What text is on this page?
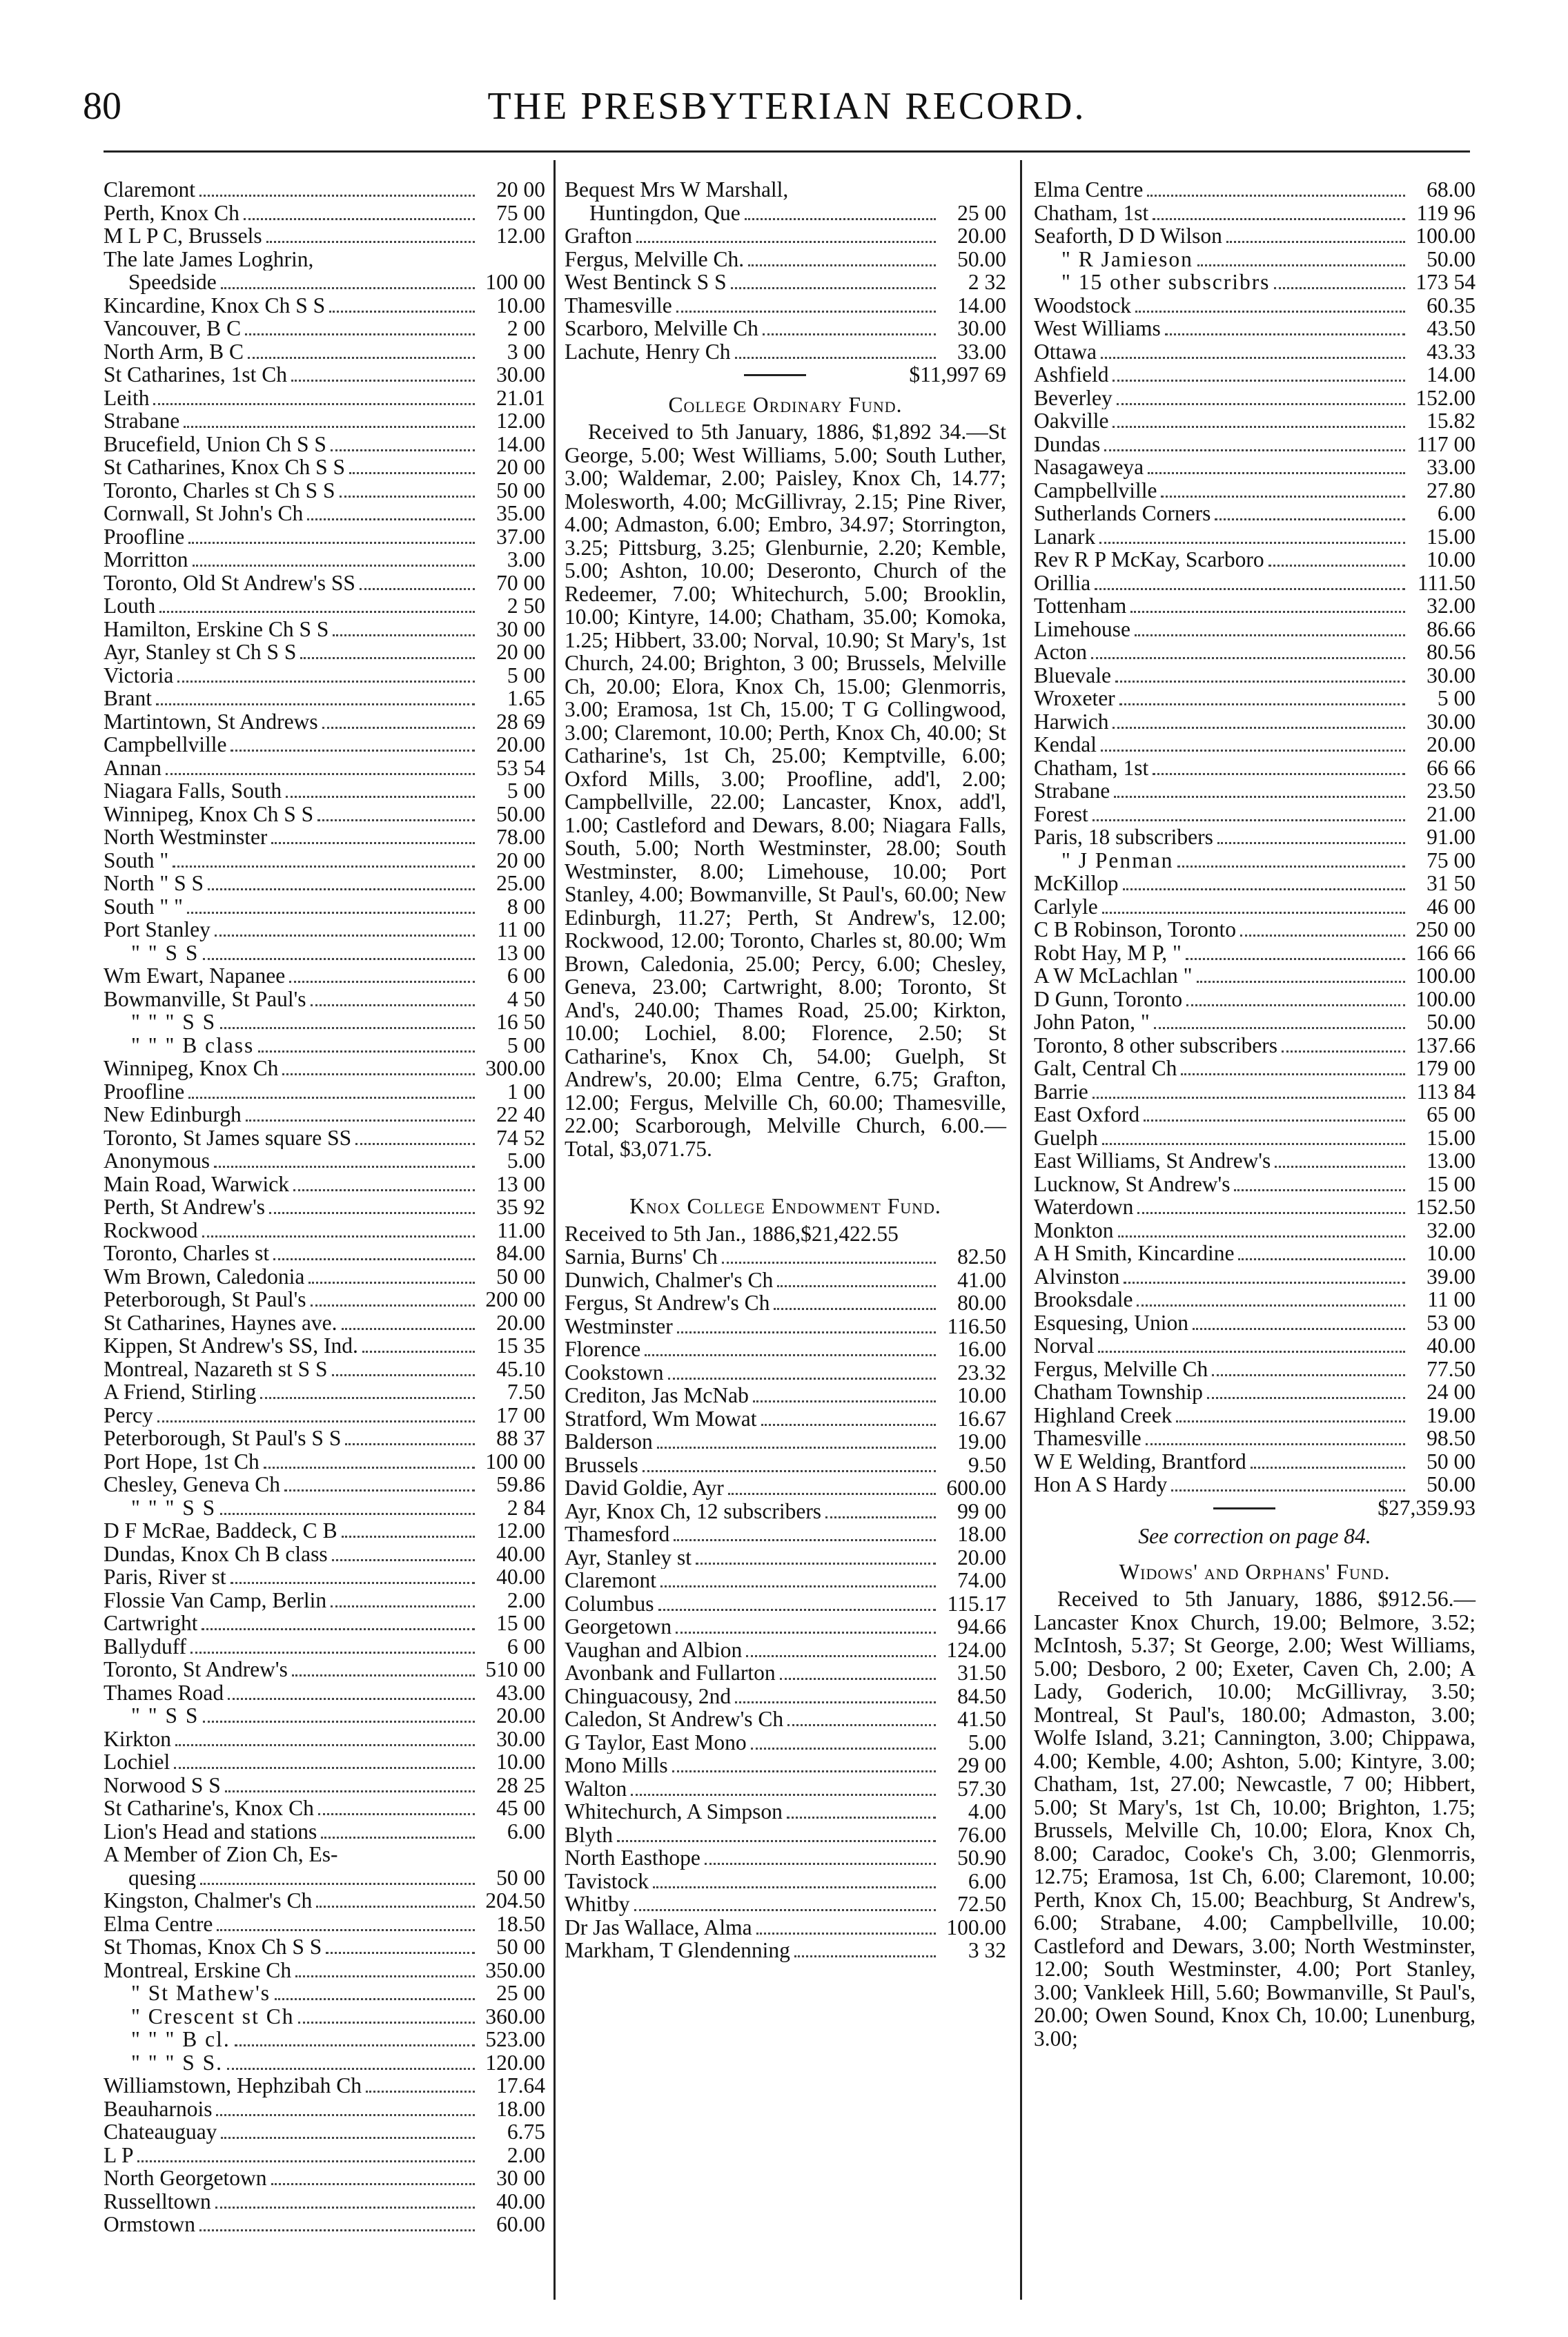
80	THE PRESBYTERIAN RECORD.
Claremont	20 00
Perth, Knox Ch	75 00
M L P C, Brussels	12.00
The late James Loghrin,
Speedside	100 00
Kincardine, Knox Ch S S	10.00
Vancouver, B C	2 00
North Arm, B C	3 00
St Catharines, 1st Ch	30.00
Leith	21.01
Strabane	12.00
Brucefield, Union Ch S S	14.00
St Catharines, Knox Ch S S	20 00
Toronto, Charles st Ch S S	50 00
Cornwall, St John's Ch	35.00
Proofline	37.00
Morritton	3.00
Toronto, Old St Andrew's SS	70 00
Louth	2 50
Hamilton, Erskine Ch S S	30 00
Ayr, Stanley st Ch S S	20 00
Victoria	5 00
Brant	1.65
Martintown, St Andrews	28 69
Campbellville	20.00
Annan	53 54
Niagara Falls, South	5 00
Winnipeg, Knox Ch S S	50.00
North Westminster	78.00
South "	20 00
North " S S	25.00
South " "	8 00
Port Stanley	11 00
" " S S	13 00
Wm Ewart, Napanee	6 00
Bowmanville, St Paul's	4 50
" " " S S	16 50
" " " B class	5 00
Winnipeg, Knox Ch	300.00
Proofline	1 00
New Edinburgh	22 40
Toronto, St James square SS	74 52
Anonymous	5.00
Main Road, Warwick	13 00
Perth, St Andrew's	35 92
Rockwood	11.00
Toronto, Charles st	84.00
Wm Brown, Caledonia	50 00
Peterborough, St Paul's	200 00
St Catharines, Haynes ave.	20.00
Kippen, St Andrew's SS, Ind.	15 35
Montreal, Nazareth st S S	45.10
A Friend, Stirling	7.50
Percy	17 00
Peterborough, St Paul's S S	88 37
Port Hope, 1st Ch	100 00
Chesley, Geneva Ch	59.86
" " " S S	2 84
D F McRae, Baddeck, C B	12.00
Dundas, Knox Ch B class	40.00
Paris, River st	40.00
Flossie Van Camp, Berlin	2.00
Cartwright	15 00
Ballyduff	6 00
Toronto, St Andrew's	510 00
Thames Road	43.00
" " S S	20.00
Kirkton	30.00
Lochiel	10.00
Norwood S S	28 25
St Catharine's, Knox Ch	45 00
Lion's Head and stations	6.00
A Member of Zion Ch, Es-
quesing	50 00
Kingston, Chalmer's Ch	204.50
Elma Centre	18.50
St Thomas, Knox Ch S S	50 00
Montreal, Erskine Ch	350.00
" St Mathew's	25 00
" Crescent st Ch	360.00
" " " B cl.	523.00
" " " S S.	120.00
Williamstown, Hephzibah Ch	17.64
Beauharnois	18.00
Chateauguay	6.75
L P	2.00
North Georgetown	30 00
Russelltown	40.00
Ormstown	60.00
Bequest Mrs W Marshall,
Huntingdon, Que	25 00
Grafton	20.00
Fergus, Melville Ch.	50.00
West Bentinck S S	2 32
Thamesville	14.00
Scarboro, Melville Ch	30.00
Lachute, Henry Ch	33.00
$11,997 69
College Ordinary Fund.
Received to 5th January, 1886, $1,892 34.—St George, 5.00; West Williams, 5.00; South Luther, 3.00; Waldemar, 2.00; Paisley, Knox Ch, 14.77; Molesworth, 4.00; McGillivray, 2.15; Pine River, 4.00; Admaston, 6.00; Embro, 34.97; Storrington, 3.25; Pittsburg, 3.25; Glenburnie, 2.20; Kemble, 5.00; Ashton, 10.00; Deseronto, Church of the Redeemer, 7.00; Whitechurch, 5.00; Brooklin, 10.00; Kintyre, 14.00; Chatham, 35.00; Komoka, 1.25; Hibbert, 33.00; Norval, 10.90; St Mary's, 1st Church, 24.00; Brighton, 3 00; Brussels, Melville Ch, 20.00; Elora, Knox Ch, 15.00; Glenmorris, 3.00; Eramosa, 1st Ch, 15.00; T G Collingwood, 3.00; Claremont, 10.00; Perth, Knox Ch, 40.00; St Catharine's, 1st Ch, 25.00; Kemptville, 6.00; Oxford Mills, 3.00; Proofline, add'l, 2.00; Campbellville, 22.00; Lancaster, Knox, add'l, 1.00; Castleford and Dewars, 8.00; Niagara Falls, South, 5.00; North Westminster, 28.00; South Westminster, 8.00; Limehouse, 10.00; Port Stanley, 4.00; Bowmanville, St Paul's, 60.00; New Edinburgh, 11.27; Perth, St Andrew's, 12.00; Rockwood, 12.00; Toronto, Charles st, 80.00; Wm Brown, Caledonia, 25.00; Percy, 6.00; Chesley, Geneva, 23.00; Cartwright, 8.00; Toronto, St And's, 240.00; Thames Road, 25.00; Kirkton, 10.00; Lochiel, 8.00; Florence, 2.50; St Catharine's, Knox Ch, 54.00; Guelph, St Andrew's, 20.00; Elma Centre, 6.75; Grafton, 12.00; Fergus, Melville Ch, 60.00; Thamesville, 22.00; Scarborough, Melville Church, 6.00.—Total, $3,071.75.
Knox College Endowment Fund.
Received to 5th Jan., 1886, $21,422.55
Sarnia, Burns' Ch	82.50
Dunwich, Chalmer's Ch	41.00
Fergus, St Andrew's Ch	80.00
Westminster	116.50
Florence	16.00
Cookstown	23.32
Crediton, Jas McNab	10.00
Stratford, Wm Mowat	16.67
Balderson	19.00
Brussels	9.50
David Goldie, Ayr	600.00
Ayr, Knox Ch, 12 subscribers	99 00
Thamesford	18.00
Ayr, Stanley st	20.00
Claremont	74.00
Columbus	115.17
Georgetown	94.66
Vaughan and Albion	124.00
Avonbank and Fullarton	31.50
Chinguacousy, 2nd	84.50
Caledon, St Andrew's Ch	41.50
G Taylor, East Mono	5.00
Mono Mills	29 00
Walton	57.30
Whitechurch, A Simpson	4.00
Blyth	76.00
North Easthope	50.90
Tavistock	6.00
Whitby	72.50
Dr Jas Wallace, Alma	100.00
Markham, T Glendenning	3 32
Elma Centre	68.00
Chatham, 1st	119 96
Seaforth, D D Wilson	100.00
" R Jamieson	50.00
" 15 other subscribrs	173 54
Woodstock	60.35
West Williams	43.50
Ottawa	43.33
Ashfield	14.00
Beverley	152.00
Oakville	15.82
Dundas	117 00
Nasagaweya	33.00
Campbellville	27.80
Sutherlands Corners	6.00
Lanark	15.00
Rev R P McKay, Scarboro	10.00
Orillia	111.50
Tottenham	32.00
Limehouse	86.66
Acton	80.56
Bluevale	30.00
Wroxeter	5 00
Harwich	30.00
Kendal	20.00
Chatham, 1st	66 66
Strabane	23.50
Forest	21.00
Paris, 18 subscribers	91.00
" J Penman	75 00
McKillop	31 50
Carlyle	46 00
C B Robinson, Toronto	250 00
Robt Hay, M P, "	166 66
A W McLachlan "	100.00
D Gunn, Toronto	100.00
John Paton, "	50.00
Toronto, 8 other subscribers	137.66
Galt, Central Ch	179 00
Barrie	113 84
East Oxford	65 00
Guelph	15.00
East Williams, St Andrew's	13.00
Lucknow, St Andrew's	15 00
Waterdown	152.50
Monkton	32.00
A H Smith, Kincardine	10.00
Alvinston	39.00
Brooksdale	11 00
Esquesing, Union	53 00
Norval	40.00
Fergus, Melville Ch	77.50
Chatham Township	24 00
Highland Creek	19.00
Thamesville	98.50
W E Welding, Brantford	50 00
Hon A S Hardy	50.00
$27,359.93
See correction on page 84.
Widows' and Orphans' Fund.
Received to 5th January, 1886, $912.56.—Lancaster Knox Church, 19.00; Belmore, 3.52; McIntosh, 5.37; St George, 2.00; West Williams, 5.00; Desboro, 2 00; Exeter, Caven Ch, 2.00; A Lady, Goderich, 10.00; McGillivray, 3.50; Montreal, St Paul's, 180.00; Admaston, 3.00; Wolfe Island, 3.21; Cannington, 3.00; Chippawa, 4.00; Kemble, 4.00; Ashton, 5.00; Kintyre, 3.00; Chatham, 1st, 27.00; Newcastle, 7 00; Hibbert, 5.00; St Mary's, 1st Ch, 10.00; Brighton, 1.75; Brussels, Melville Ch, 10.00; Elora, Knox Ch, 8.00; Caradoc, Cooke's Ch, 3.00; Glenmorris, 12.75; Eramosa, 1st Ch, 6.00; Claremont, 10.00; Perth, Knox Ch, 15.00; Beachburg, St Andrew's, 6.00; Strabane, 4.00; Campbellville, 10.00; Castleford and Dewars, 3.00; North Westminster, 12.00; South Westminster, 4.00; Port Stanley, 3.00; Vankleek Hill, 5.60; Bowmanville, St Paul's, 20.00; Owen Sound, Knox Ch, 10.00; Lunenburg, 3.00;
